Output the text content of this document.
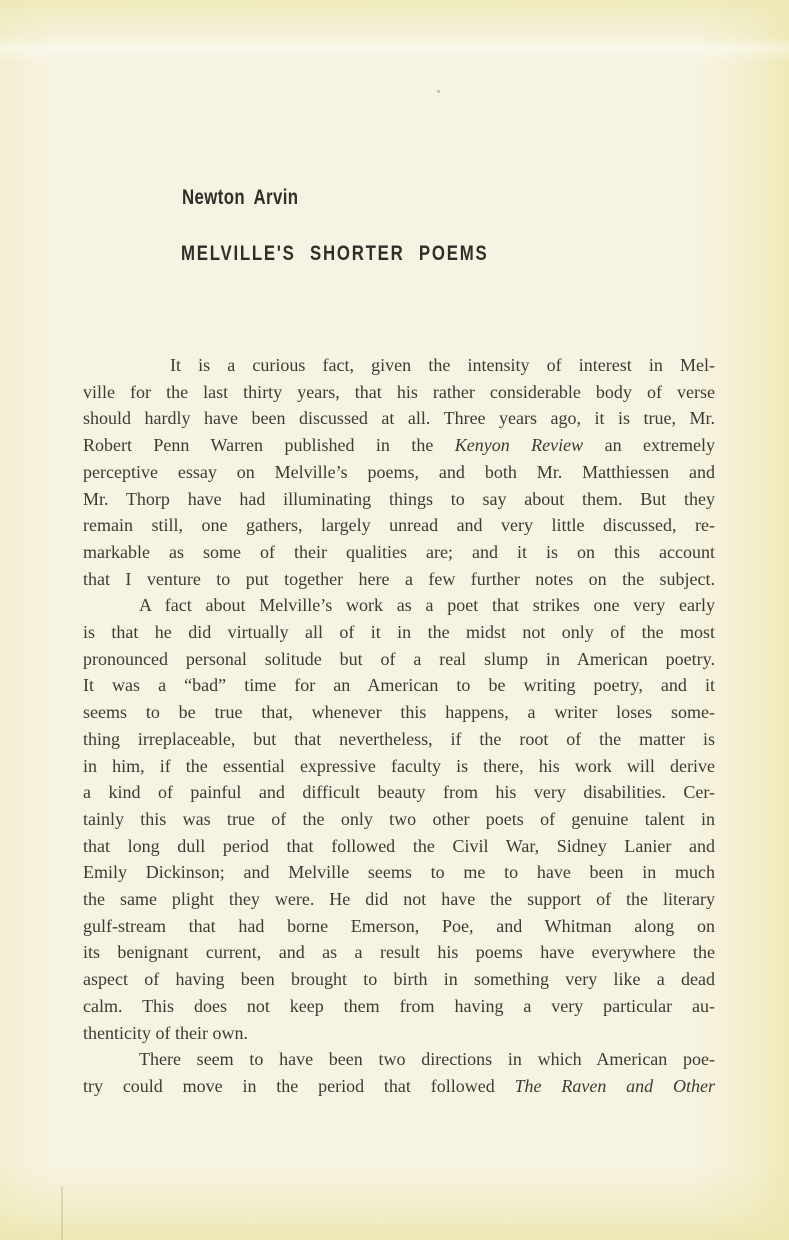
Newton Arvin
MELVILLE'S SHORTER POEMS
It is a curious fact, given the intensity of interest in Mel-
ville for the last thirty years, that his rather considerable body of verse
should hardly have been discussed at all. Three years ago, it is true, Mr.
Robert Penn Warren published in the Kenyon Review an extremely
perceptive essay on Melville’s poems, and both Mr. Matthiessen and
Mr. Thorp have had illuminating things to say about them. But they
remain still, one gathers, largely unread and very little discussed, re-
markable as some of their qualities are; and it is on this account
that I venture to put together here a few further notes on the subject.
A fact about Melville’s work as a poet that strikes one very early
is that he did virtually all of it in the midst not only of the most
pronounced personal solitude but of a real slump in American poetry.
It was a “bad” time for an American to be writing poetry, and it
seems to be true that, whenever this happens, a writer loses some-
thing irreplaceable, but that nevertheless, if the root of the matter is
in him, if the essential expressive faculty is there, his work will derive
a kind of painful and difficult beauty from his very disabilities. Cer-
tainly this was true of the only two other poets of genuine talent in
that long dull period that followed the Civil War, Sidney Lanier and
Emily Dickinson; and Melville seems to me to have been in much
the same plight they were. He did not have the support of the literary
gulf-stream that had borne Emerson, Poe, and Whitman along on
its benignant current, and as a result his poems have everywhere the
aspect of having been brought to birth in something very like a dead
calm. This does not keep them from having a very particular au-
thenticity of their own.
There seem to have been two directions in which American poe-
try could move in the period that followed The Raven and Other
